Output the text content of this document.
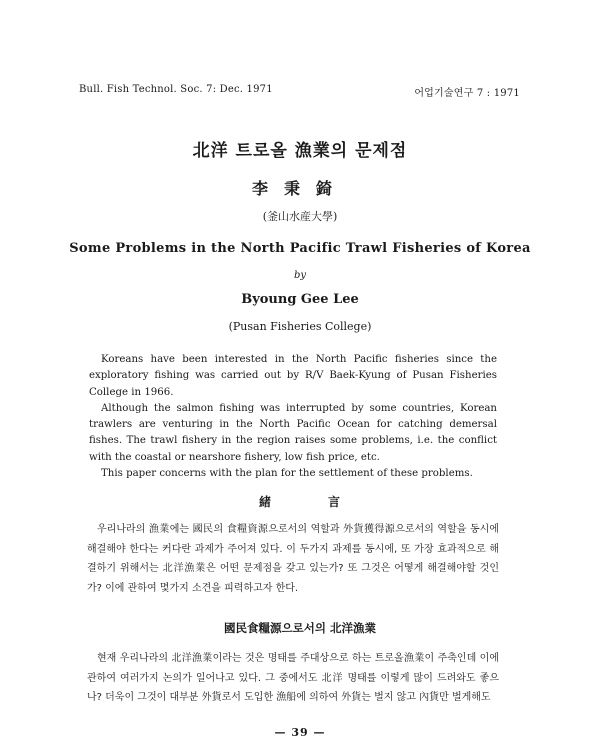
Bull. Fish Technol. Soc. 7: Dec. 1971	어업기술연구 7 : 1971
北洋 트로올 漁業의 문제점
李秉錡
(釜山水産大學)
Some Problems in the North Pacific Trawl Fisheries of Korea
by
Byoung Gee Lee
(Pusan Fisheries College)

Koreans have been interested in the North Pacific fisheries since the exploratory fishing was carried out by R/V Baek-Kyung of Pusan Fisheries College in 1966.

Although the salmon fishing was interrupted by some countries, Korean trawlers are venturing in the North Pacific Ocean for catching demersal fishes. The trawl fishery in the region raises some problems, i.e. the conflict with the coastal or nearshore fishery, low fish price, etc.

This paper concerns with the plan for the settlement of these problems.

緒	言

우리나라의 漁業에는 國民의 食糧資源으로서의 역할과 外貨獲得源으로서의 역할을 동시에 해결해야 한다는 커다란 과제가 주어져 있다. 이 두가지 과제를 동시에, 또 가장 효과적으로 해결하기 위해서는 北洋漁業은 어떤 문제점을 갖고 있는가? 또 그것은 어떻게 해결해야할 것인가? 이에 관하여 몇가지 소견을 피력하고자 한다.

國民食糧源으로서의 北洋漁業

현재 우리나라의 北洋漁業이라는 것은 명태를 주대상으로 하는 트로올漁業이 주축인데 이에 관하여 여러가지 논의가 일어나고 있다. 그 중에서도 北洋 명태를 이렇게 많이 드려와도 좋으나? 더욱이 그것이 대부분 外貨로서 도입한 漁船에 의하여 外貨는 벌지 않고 內貨만 벌게해도

— 39 —
